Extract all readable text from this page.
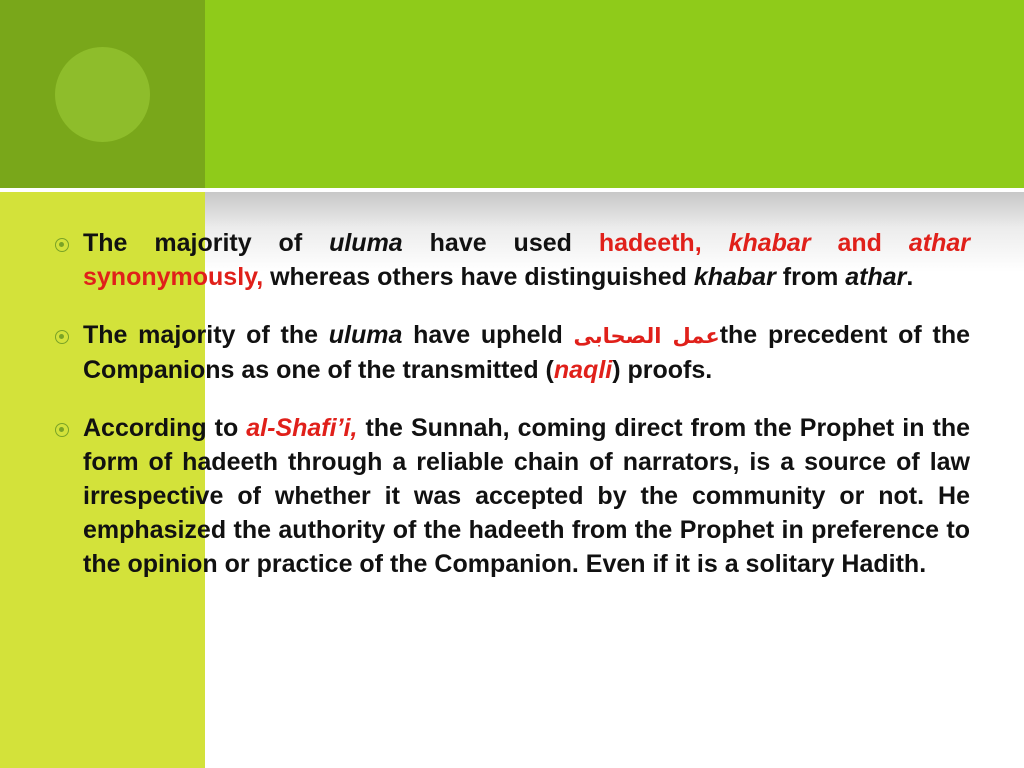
The majority of uluma have used hadeeth, khabar and athar synonymously, whereas others have distinguished khabar from athar.
The majority of the uluma have upheld عمل الصحابىthe precedent of the Companions as one of the transmitted (naqli) proofs.
According to al-Shafi’i, the Sunnah, coming direct from the Prophet in the form of hadeeth through a reliable chain of narrators, is a source of law irrespective of whether it was accepted by the community or not. He emphasized the authority of the hadeeth from the Prophet in preference to the opinion or practice of the Companion. Even if it is a solitary Hadith.
